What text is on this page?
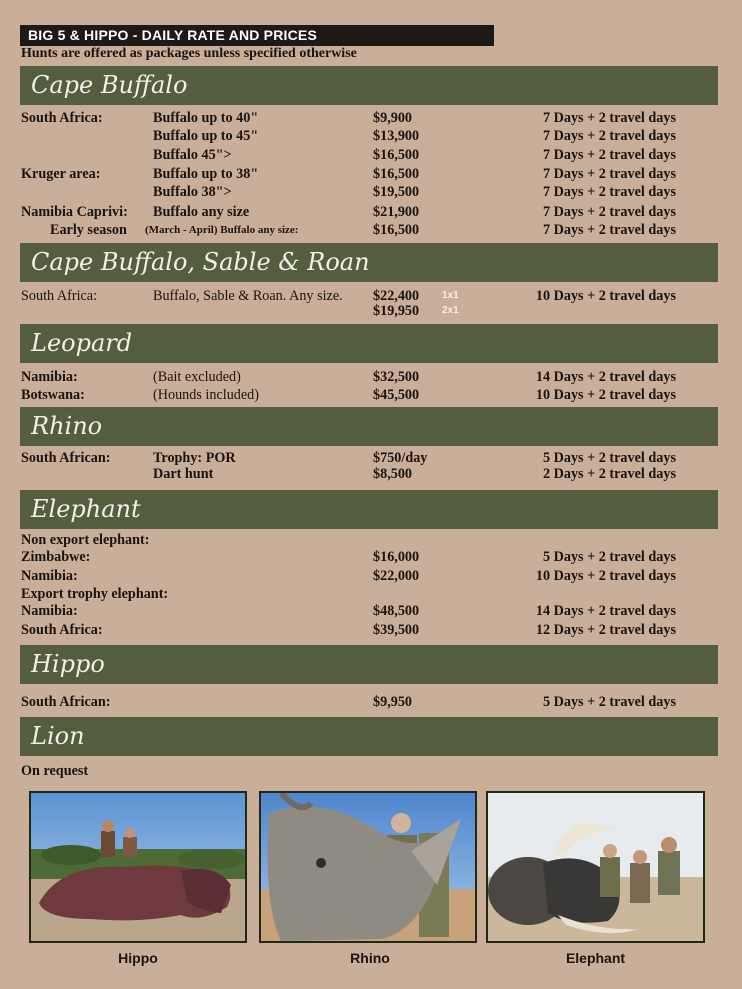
BIG 5 & HIPPO - DAILY RATE AND PRICES
Hunts are offered as packages unless specified otherwise
Cape Buffalo
South Africa:	Buffalo up to 40"	$9,900	7 Days + 2 travel days
Buffalo up to 45"	$13,900	7 Days + 2 travel days
Buffalo 45">	$16,500	7 Days + 2 travel days
Kruger area:	Buffalo up to 38"	$16,500	7 Days + 2 travel days
Buffalo 38">	$19,500	7 Days + 2 travel days
Namibia Caprivi: Buffalo any size	$21,900	7 Days + 2 travel days
Early season (March - April) Buffalo any size:	$16,500	7 Days + 2 travel days
Cape Buffalo, Sable & Roan
South Africa:	Buffalo, Sable & Roan. Any size. $22,400 1x1	10 Days + 2 travel days
$19,950 2x1
Leopard
Namibia:	(Bait excluded)	$32,500	14 Days + 2 travel days
Botswana:	(Hounds included)	$45,500	10 Days + 2 travel days
Rhino
South African:	Trophy: POR	$750/day	5 Days + 2 travel days
Dart hunt	$8,500	2 Days + 2 travel days
Elephant
Non export elephant:
Zimbabwe:	$16,000	5 Days + 2 travel days
Namibia:	$22,000	10 Days + 2 travel days
Export trophy elephant:
Namibia:	$48,500	14 Days + 2 travel days
South Africa:	$39,500	12 Days + 2 travel days
Hippo
South African:	$9,950	5 Days + 2 travel days
Lion
On request
Hippo	Rhino	Elephant
